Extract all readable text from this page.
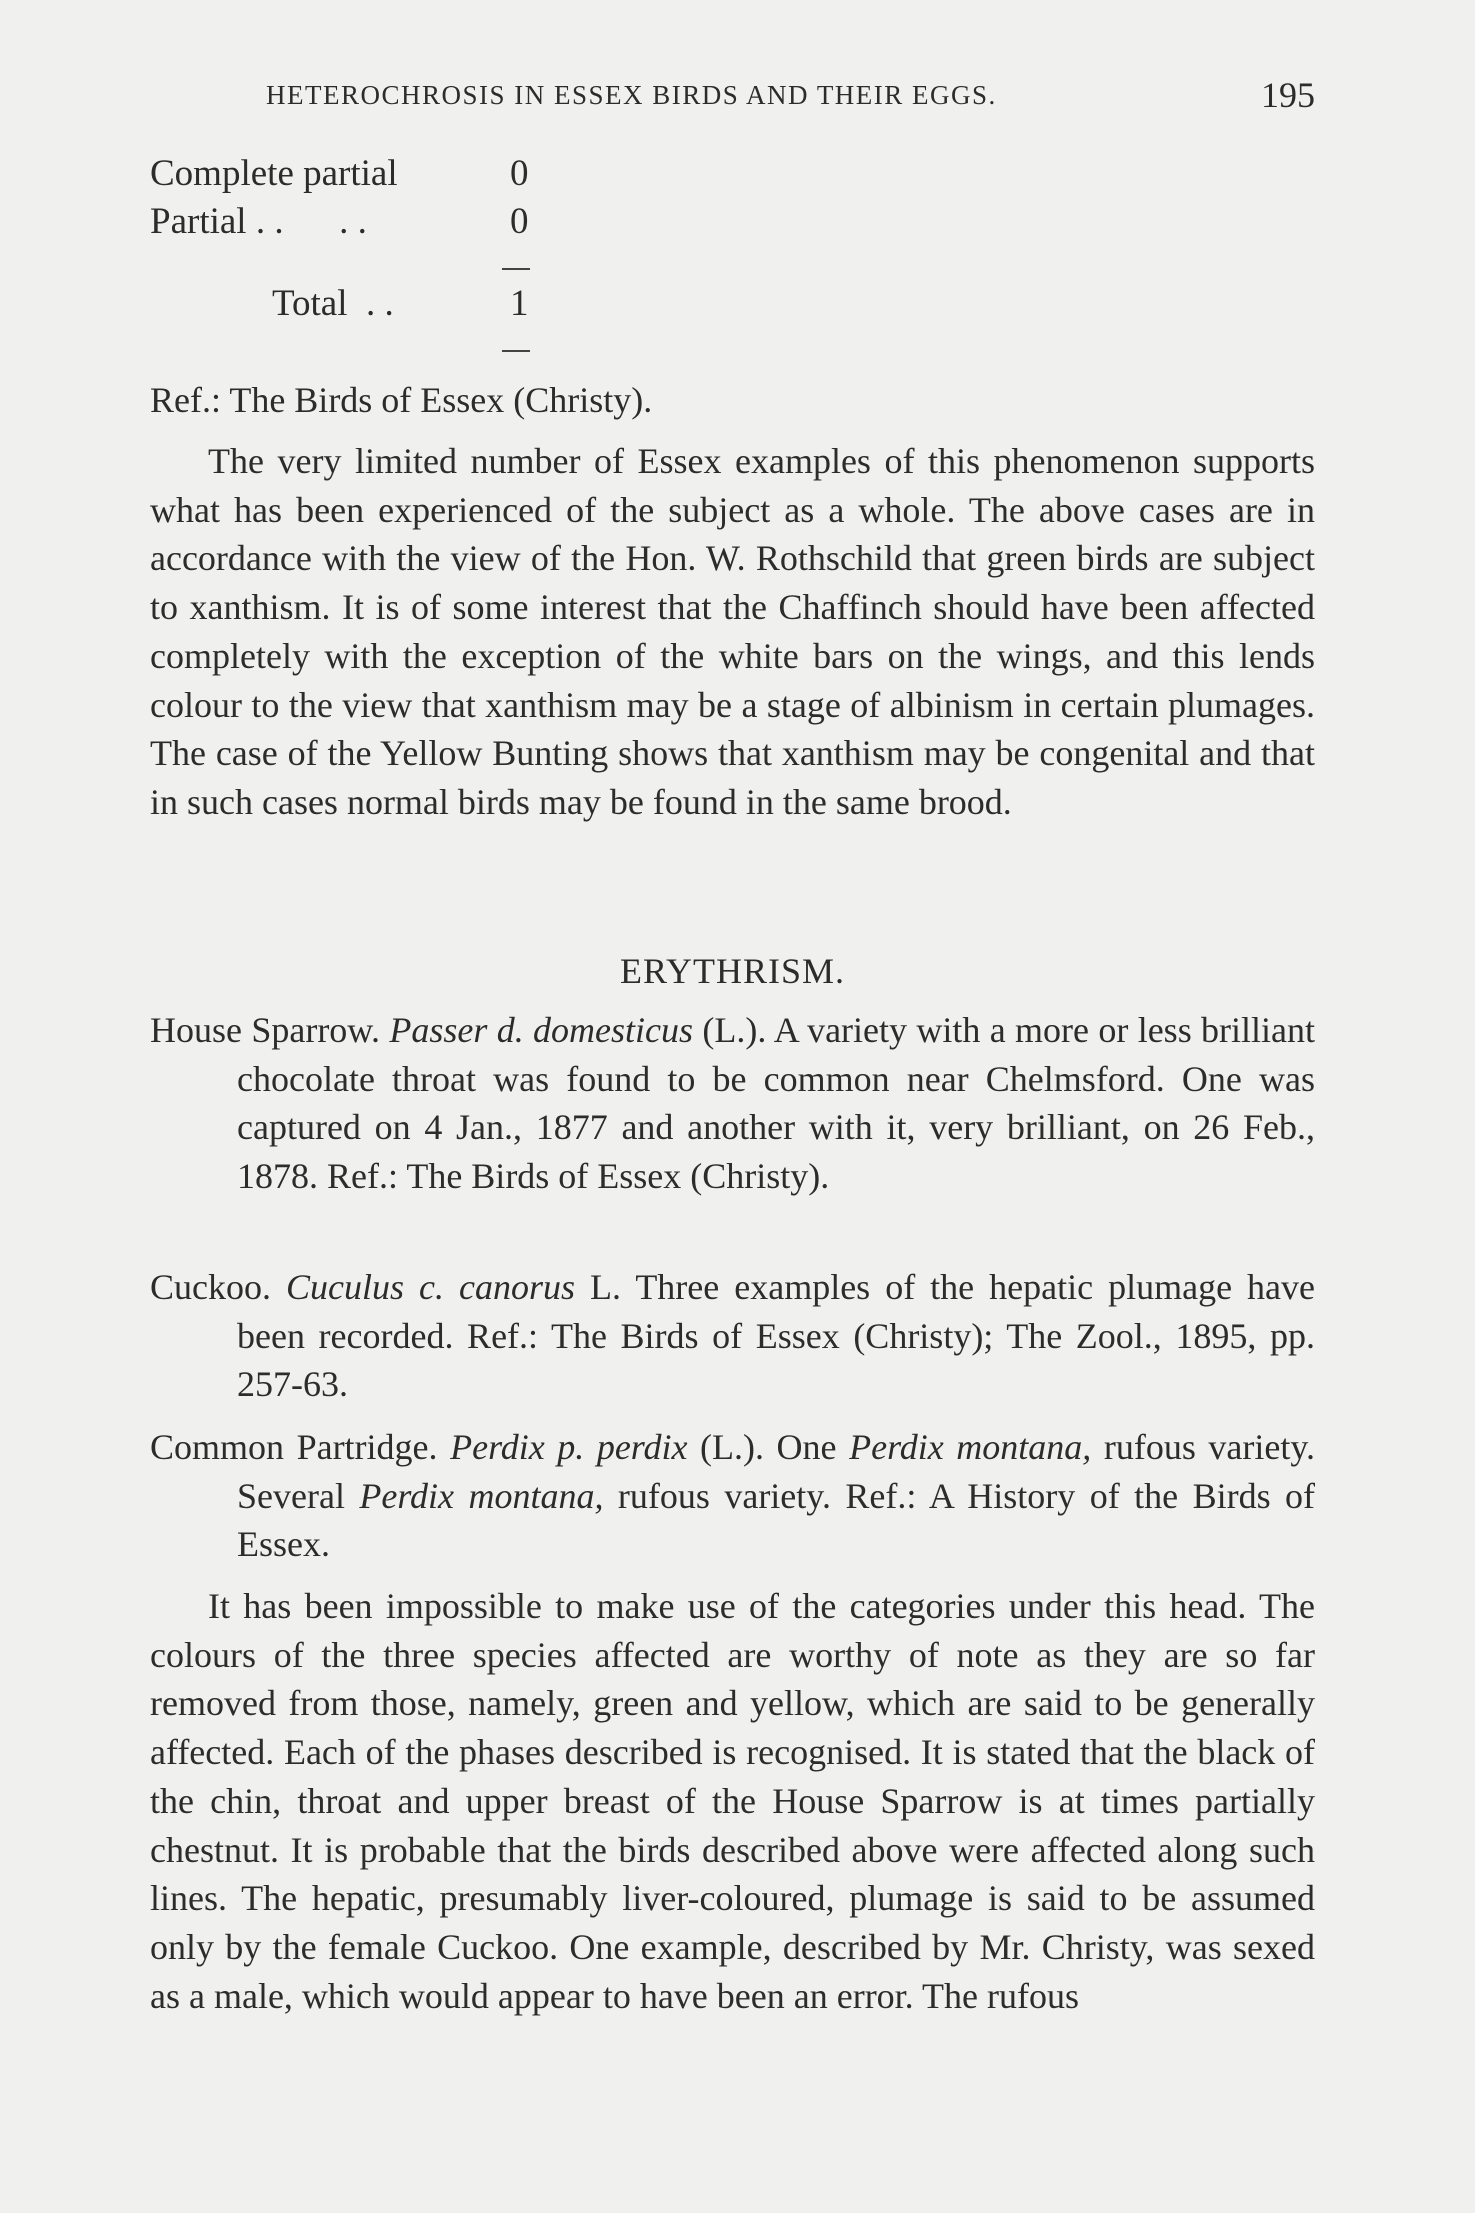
HETEROCHROSIS IN ESSEX BIRDS AND THEIR EGGS.	195
Complete partial	0
Partial . .      . .	0
Total  . .	1

Ref.: The Birds of Essex (Christy).

The very limited number of Essex examples of this phenomenon supports what has been experienced of the subject as a whole. The above cases are in accordance with the view of the Hon. W. Rothschild that green birds are subject to xanthism. It is of some interest that the Chaffinch should have been affected completely with the exception of the white bars on the wings, and this lends colour to the view that xanthism may be a stage of albinism in certain plumages. The case of the Yellow Bunting shows that xanthism may be congenital and that in such cases normal birds may be found in the same brood.

ERYTHRISM.

House Sparrow. Passer d. domesticus (L.). A variety with a more or less brilliant chocolate throat was found to be common near Chelmsford. One was captured on 4 Jan., 1877 and another with it, very brilliant, on 26 Feb., 1878. Ref.: The Birds of Essex (Christy).

Cuckoo. Cuculus c. canorus L. Three examples of the hepatic plumage have been recorded. Ref.: The Birds of Essex (Christy); The Zool., 1895, pp. 257-63.

Common Partridge. Perdix p. perdix (L.). One Perdix montana, rufous variety. Several Perdix montana, rufous variety. Ref.: A History of the Birds of Essex.

It has been impossible to make use of the categories under this head. The colours of the three species affected are worthy of note as they are so far removed from those, namely, green and yellow, which are said to be generally affected. Each of the phases described is recognised. It is stated that the black of the chin, throat and upper breast of the House Sparrow is at times partially chestnut. It is probable that the birds described above were affected along such lines. The hepatic, presumably liver-coloured, plumage is said to be assumed only by the female Cuckoo. One example, described by Mr. Christy, was sexed as a male, which would appear to have been an error. The rufous
